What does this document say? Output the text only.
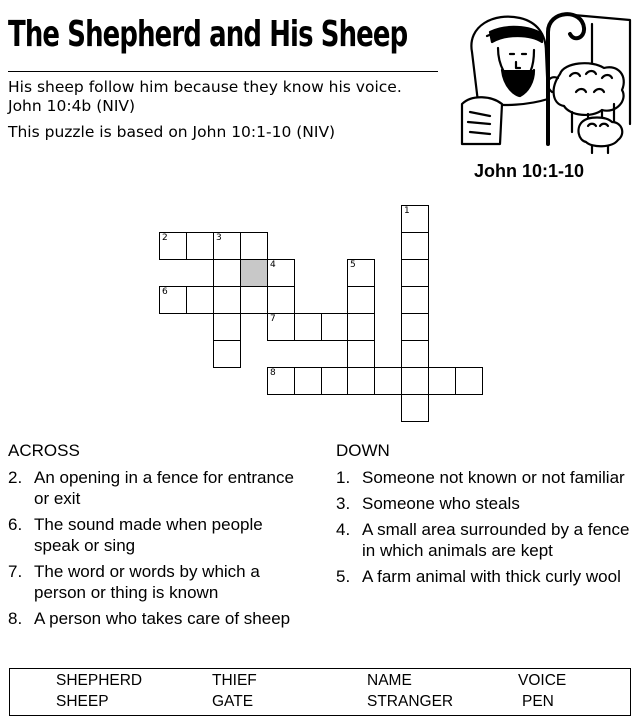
The Shepherd and His Sheep
His sheep follow him because they know his voice.
John 10:4b (NIV)
This puzzle is based on John 10:1-10 (NIV)
John 10:1-10
1
2	3
4
6
5
7
8
ACROSS
2. An opening in a fence for entrance or exit
6. The sound made when people speak or sing
7. The word or words by which a person or thing is known
8. A person who takes care of sheep
DOWN
1. Someone not known or not familiar
3. Someone who steals
4. A small area surrounded by a fence in which animals are kept
5. A farm animal with thick curly wool
SHEPHERD	THIEF	NAME	VOICE
SHEEP	GATE	STRANGER	PEN
